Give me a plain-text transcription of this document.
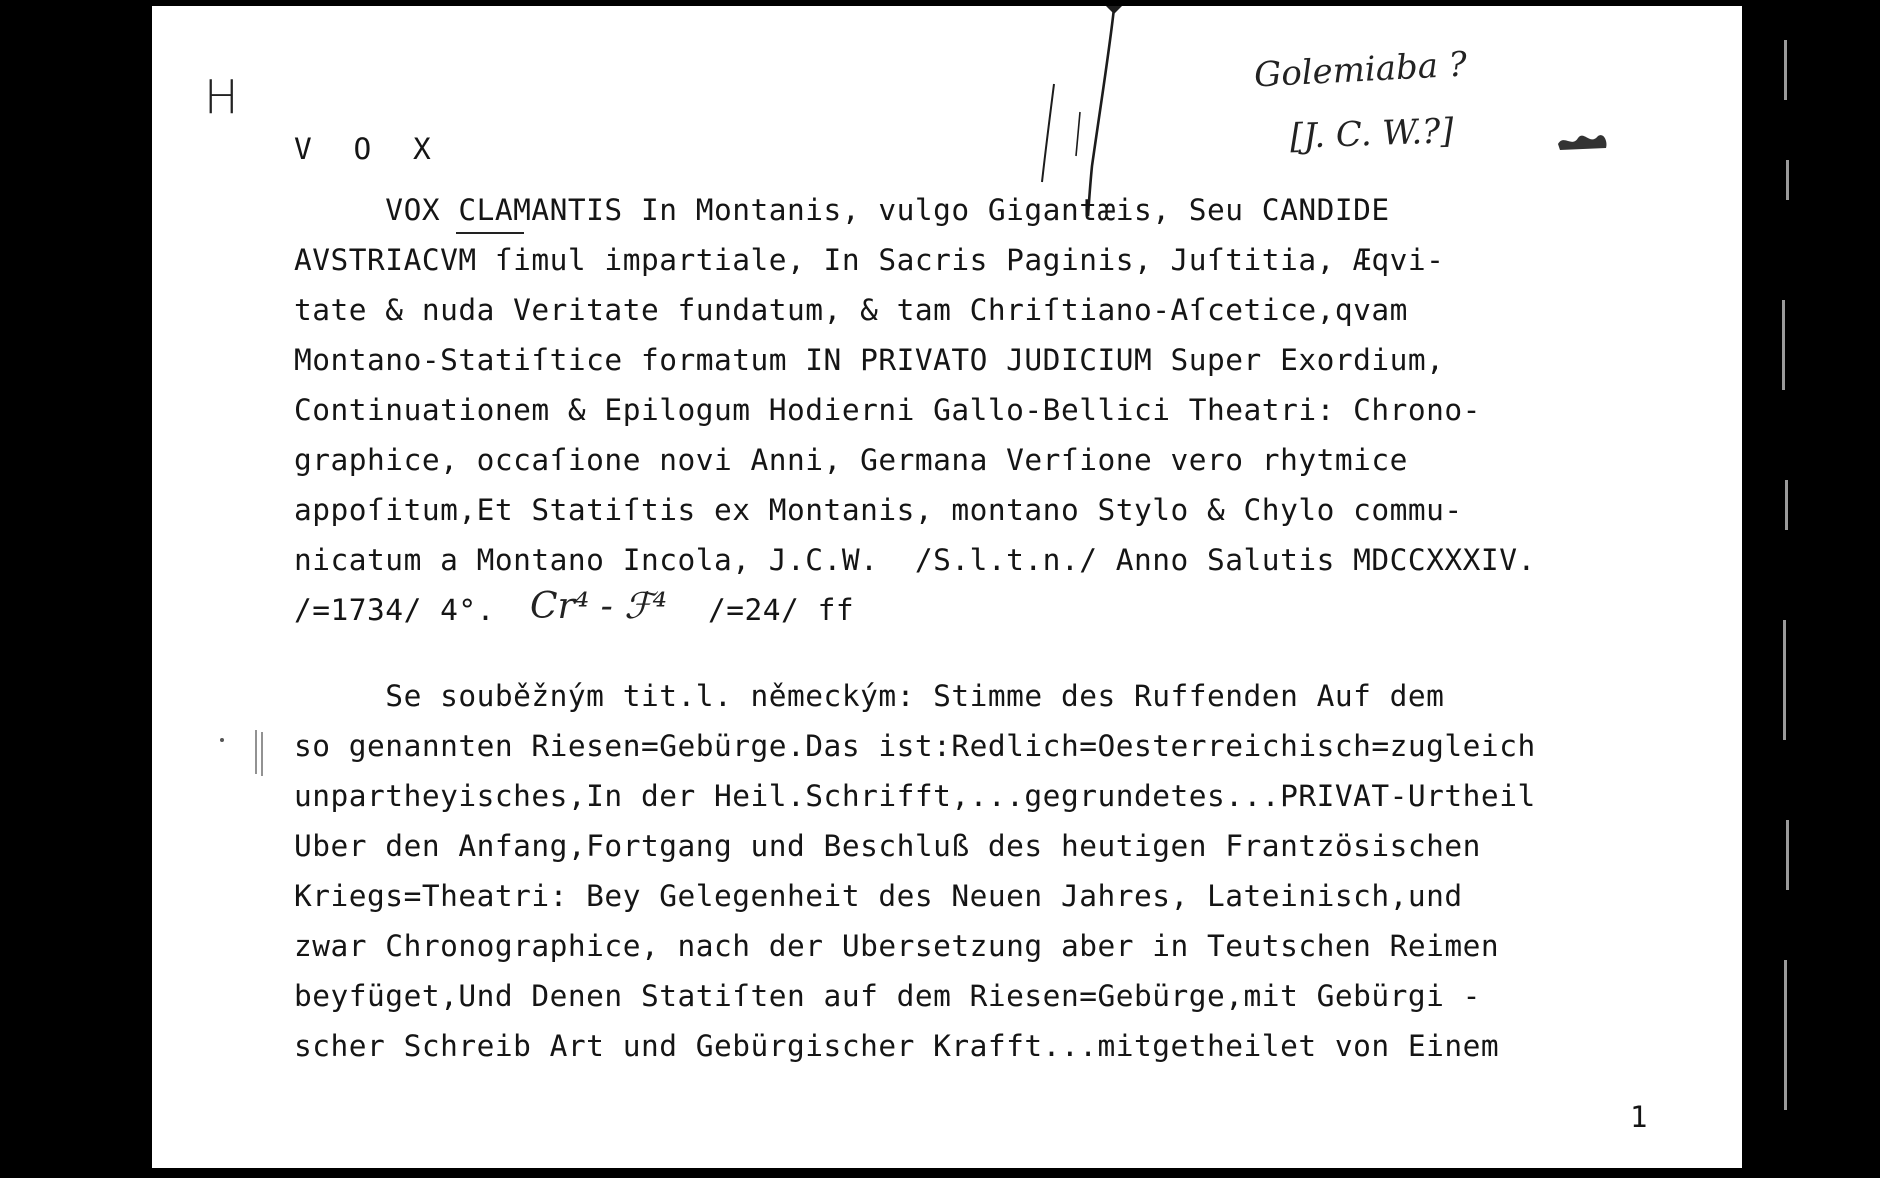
H
Golemiaba ?
[J. C. W.?]
V O X

VOX CLAMANTIS In Montanis, vulgo Gigantæis, Seu CANDIDE

AVSTRIACVM ſimul impartiale, In Sacris Paginis, Juſtitia, Æqvi-

tate & nuda Veritate fundatum, & tam Chriſtiano-Aſcetice,qvam

Montano-Statiſtice formatum IN PRIVATO JUDICIUM Super Exordium,

Continuationem & Epilogum Hodierni Gallo-Bellici Theatri: Chrono-

graphice, occaſione novi Anni, Germana Verſione vero rhytmice

appoſitum,Et Statiſtis ex Montanis, montano Stylo & Chylo commu-

nicatum a Montano Incola, J.C.W.  /S.l.t.n./ Anno Salutis MDCCXXXIV.

/=1734/ 4°. Cr⁴ - ℱ⁴ /=24/ ff

Se souběžným tit.l. německým: Stimme des Ruffenden Auf dem

so genannten Riesen=Gebürge.Das ist:Redlich=Oesterreichisch=zugleich

unpartheyisches,In der Heil.Schrifft,...gegrundetes...PRIVAT-Urtheil

Uber den Anfang,Fortgang und Beschluß des heutigen Frantzösischen

Kriegs=Theatri: Bey Gelegenheit des Neuen Jahres, Lateinisch,und

zwar Chronographice, nach der Ubersetzung aber in Teutschen Reimen

beyfüget,Und Denen Statiſten auf dem Riesen=Gebürge,mit Gebürgi -

scher Schreib Art und Gebürgischer Krafft...mitgetheilet von Einem

1
